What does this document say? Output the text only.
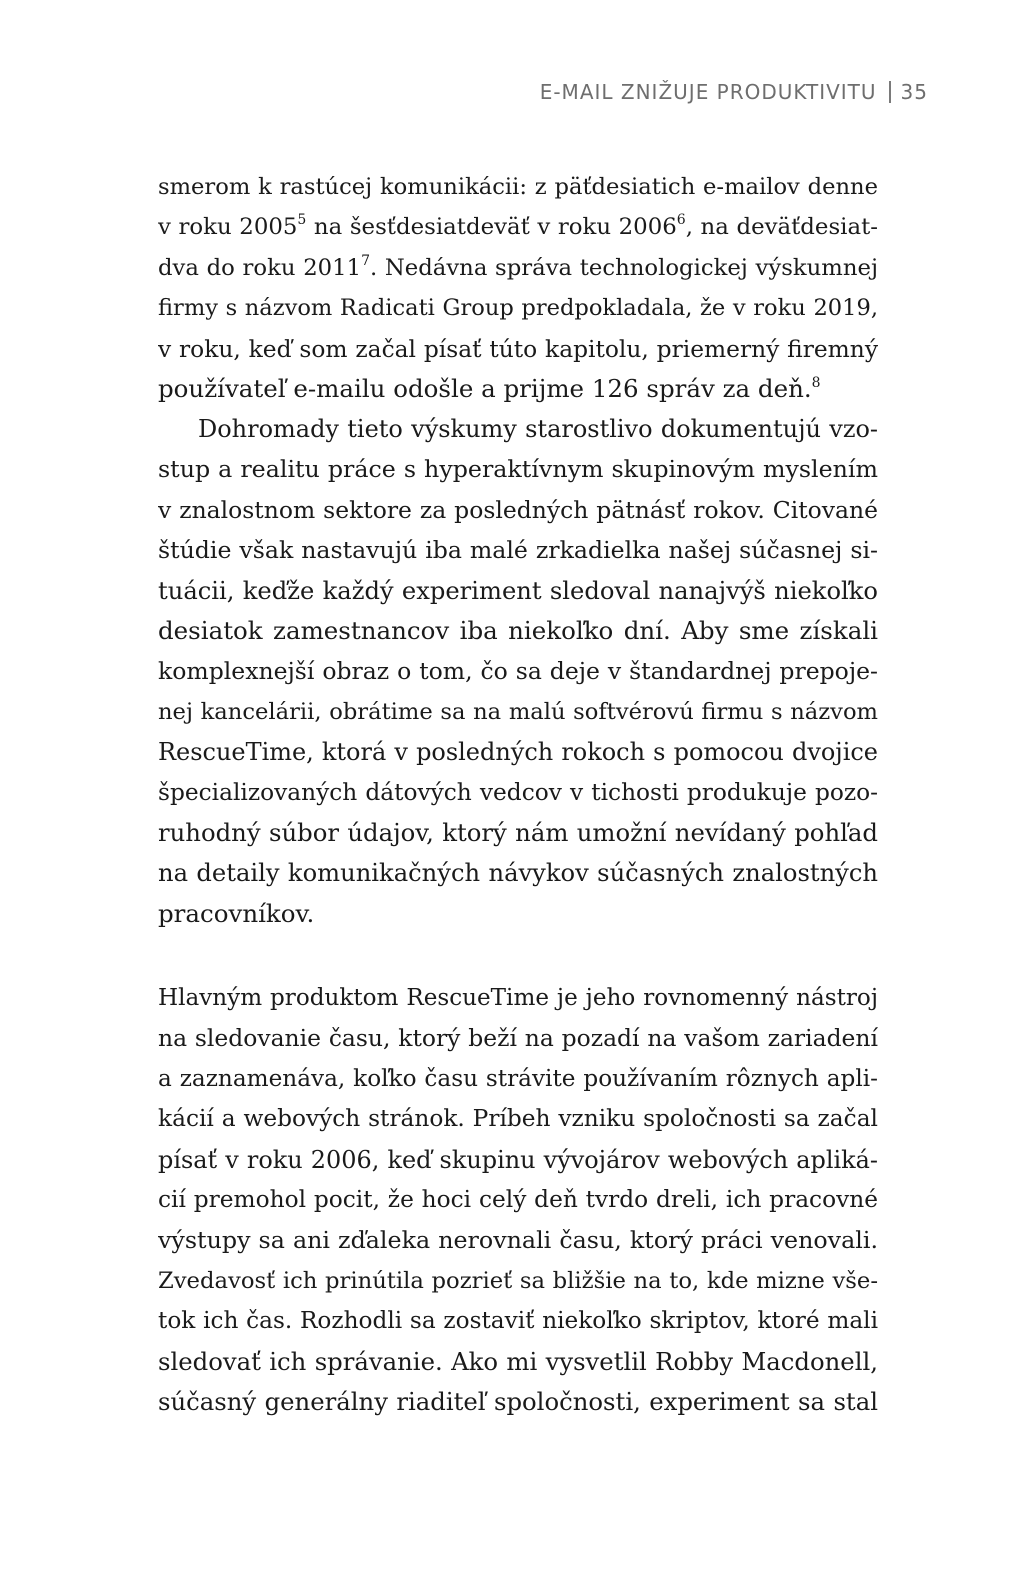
E-MAIL ZNIŽUJE PRODUKTIVITU 35
smerom k rastúcej komunikácii: z päťdesiatich e-mailov denne
v roku 2005$^5$ na šesťdesiatdeväť v roku 2006$^6$, na deväťdesiat-
dva do roku 2011$^7$. Nedávna správa technologickej výskumnej
firmy s názvom Radicati Group predpokladala, že v roku 2019,
v roku, keď som začal písať túto kapitolu, priemerný firemný
používateľ e-mailu odošle a prijme 126 správ za deň.$^8$
Dohromady tieto výskumy starostlivo dokumentujú vzo-
stup a realitu práce s hyperaktívnym skupinovým myslením
v znalostnom sektore za posledných pätnásť rokov. Citované
štúdie však nastavujú iba malé zrkadielka našej súčasnej si-
tuácii, keďže každý experiment sledoval nanajvýš niekoľko
desiatok zamestnancov iba niekoľko dní. Aby sme získali
komplexnejší obraz o tom, čo sa deje v štandardnej prepoje-
nej kancelárii, obrátime sa na malú softvérovú firmu s názvom
RescueTime, ktorá v posledných rokoch s pomocou dvojice
špecializovaných dátových vedcov v tichosti produkuje pozo-
ruhodný súbor údajov, ktorý nám umožní nevídaný pohľad
na detaily komunikačných návykov súčasných znalostných
pracovníkov.
Hlavným produktom RescueTime je jeho rovnomenný nástroj
na sledovanie času, ktorý beží na pozadí na vašom zariadení
a zaznamenáva, koľko času strávite používaním rôznych apli-
kácií a webových stránok. Príbeh vzniku spoločnosti sa začal
písať v roku 2006, keď skupinu vývojárov webových apliká-
cií premohol pocit, že hoci celý deň tvrdo dreli, ich pracovné
výstupy sa ani zďaleka nerovnali času, ktorý práci venovali.
Zvedavosť ich prinútila pozrieť sa bližšie na to, kde mizne vše-
tok ich čas. Rozhodli sa zostaviť niekoľko skriptov, ktoré mali
sledovať ich správanie. Ako mi vysvetlil Robby Macdonell,
súčasný generálny riaditeľ spoločnosti, experiment sa stal
